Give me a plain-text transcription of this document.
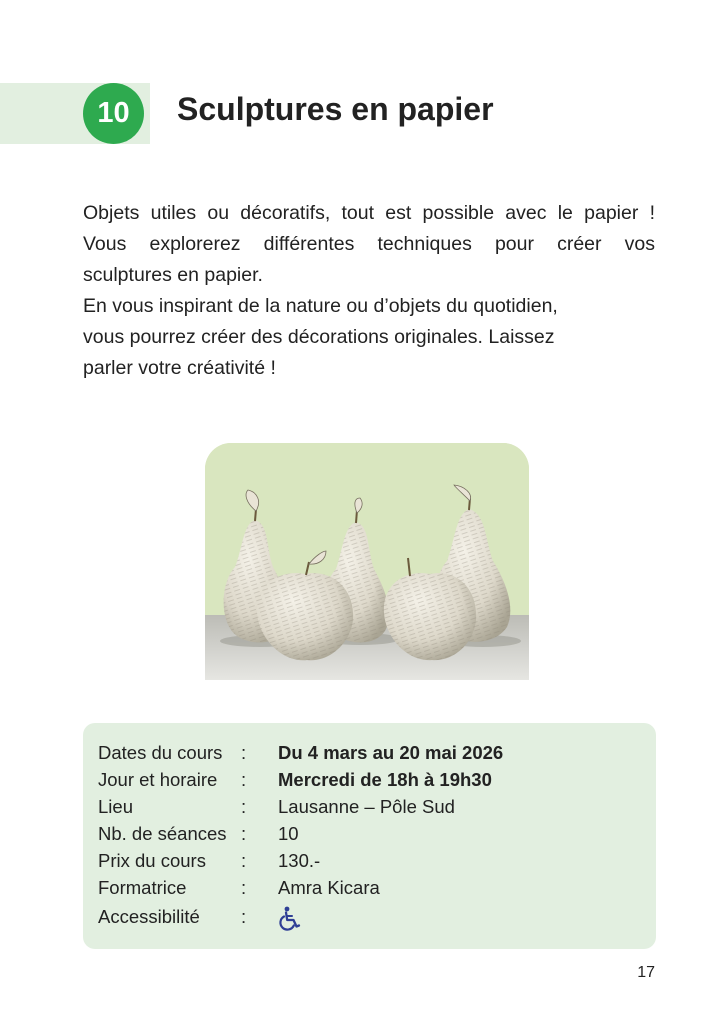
10	Sculptures en papier

Objets utiles ou décoratifs, tout est possible avec le papier !

Vous explorerez différentes techniques pour créer vos

sculptures en papier.

En vous inspirant de la nature ou d’objets du quotidien,

vous pourrez créer des décorations originales. Laissez

parler votre créativité !

Dates du cours : Du 4 mars au 20 mai 2026
Jour et horaire : Mercredi de 18h à 19h30
Lieu	: Lausanne – Pôle Sud
Nb. de séances : 10
Prix du cours : 130.-
Formatrice	: Amra Kicara
Accessibilité :
17
